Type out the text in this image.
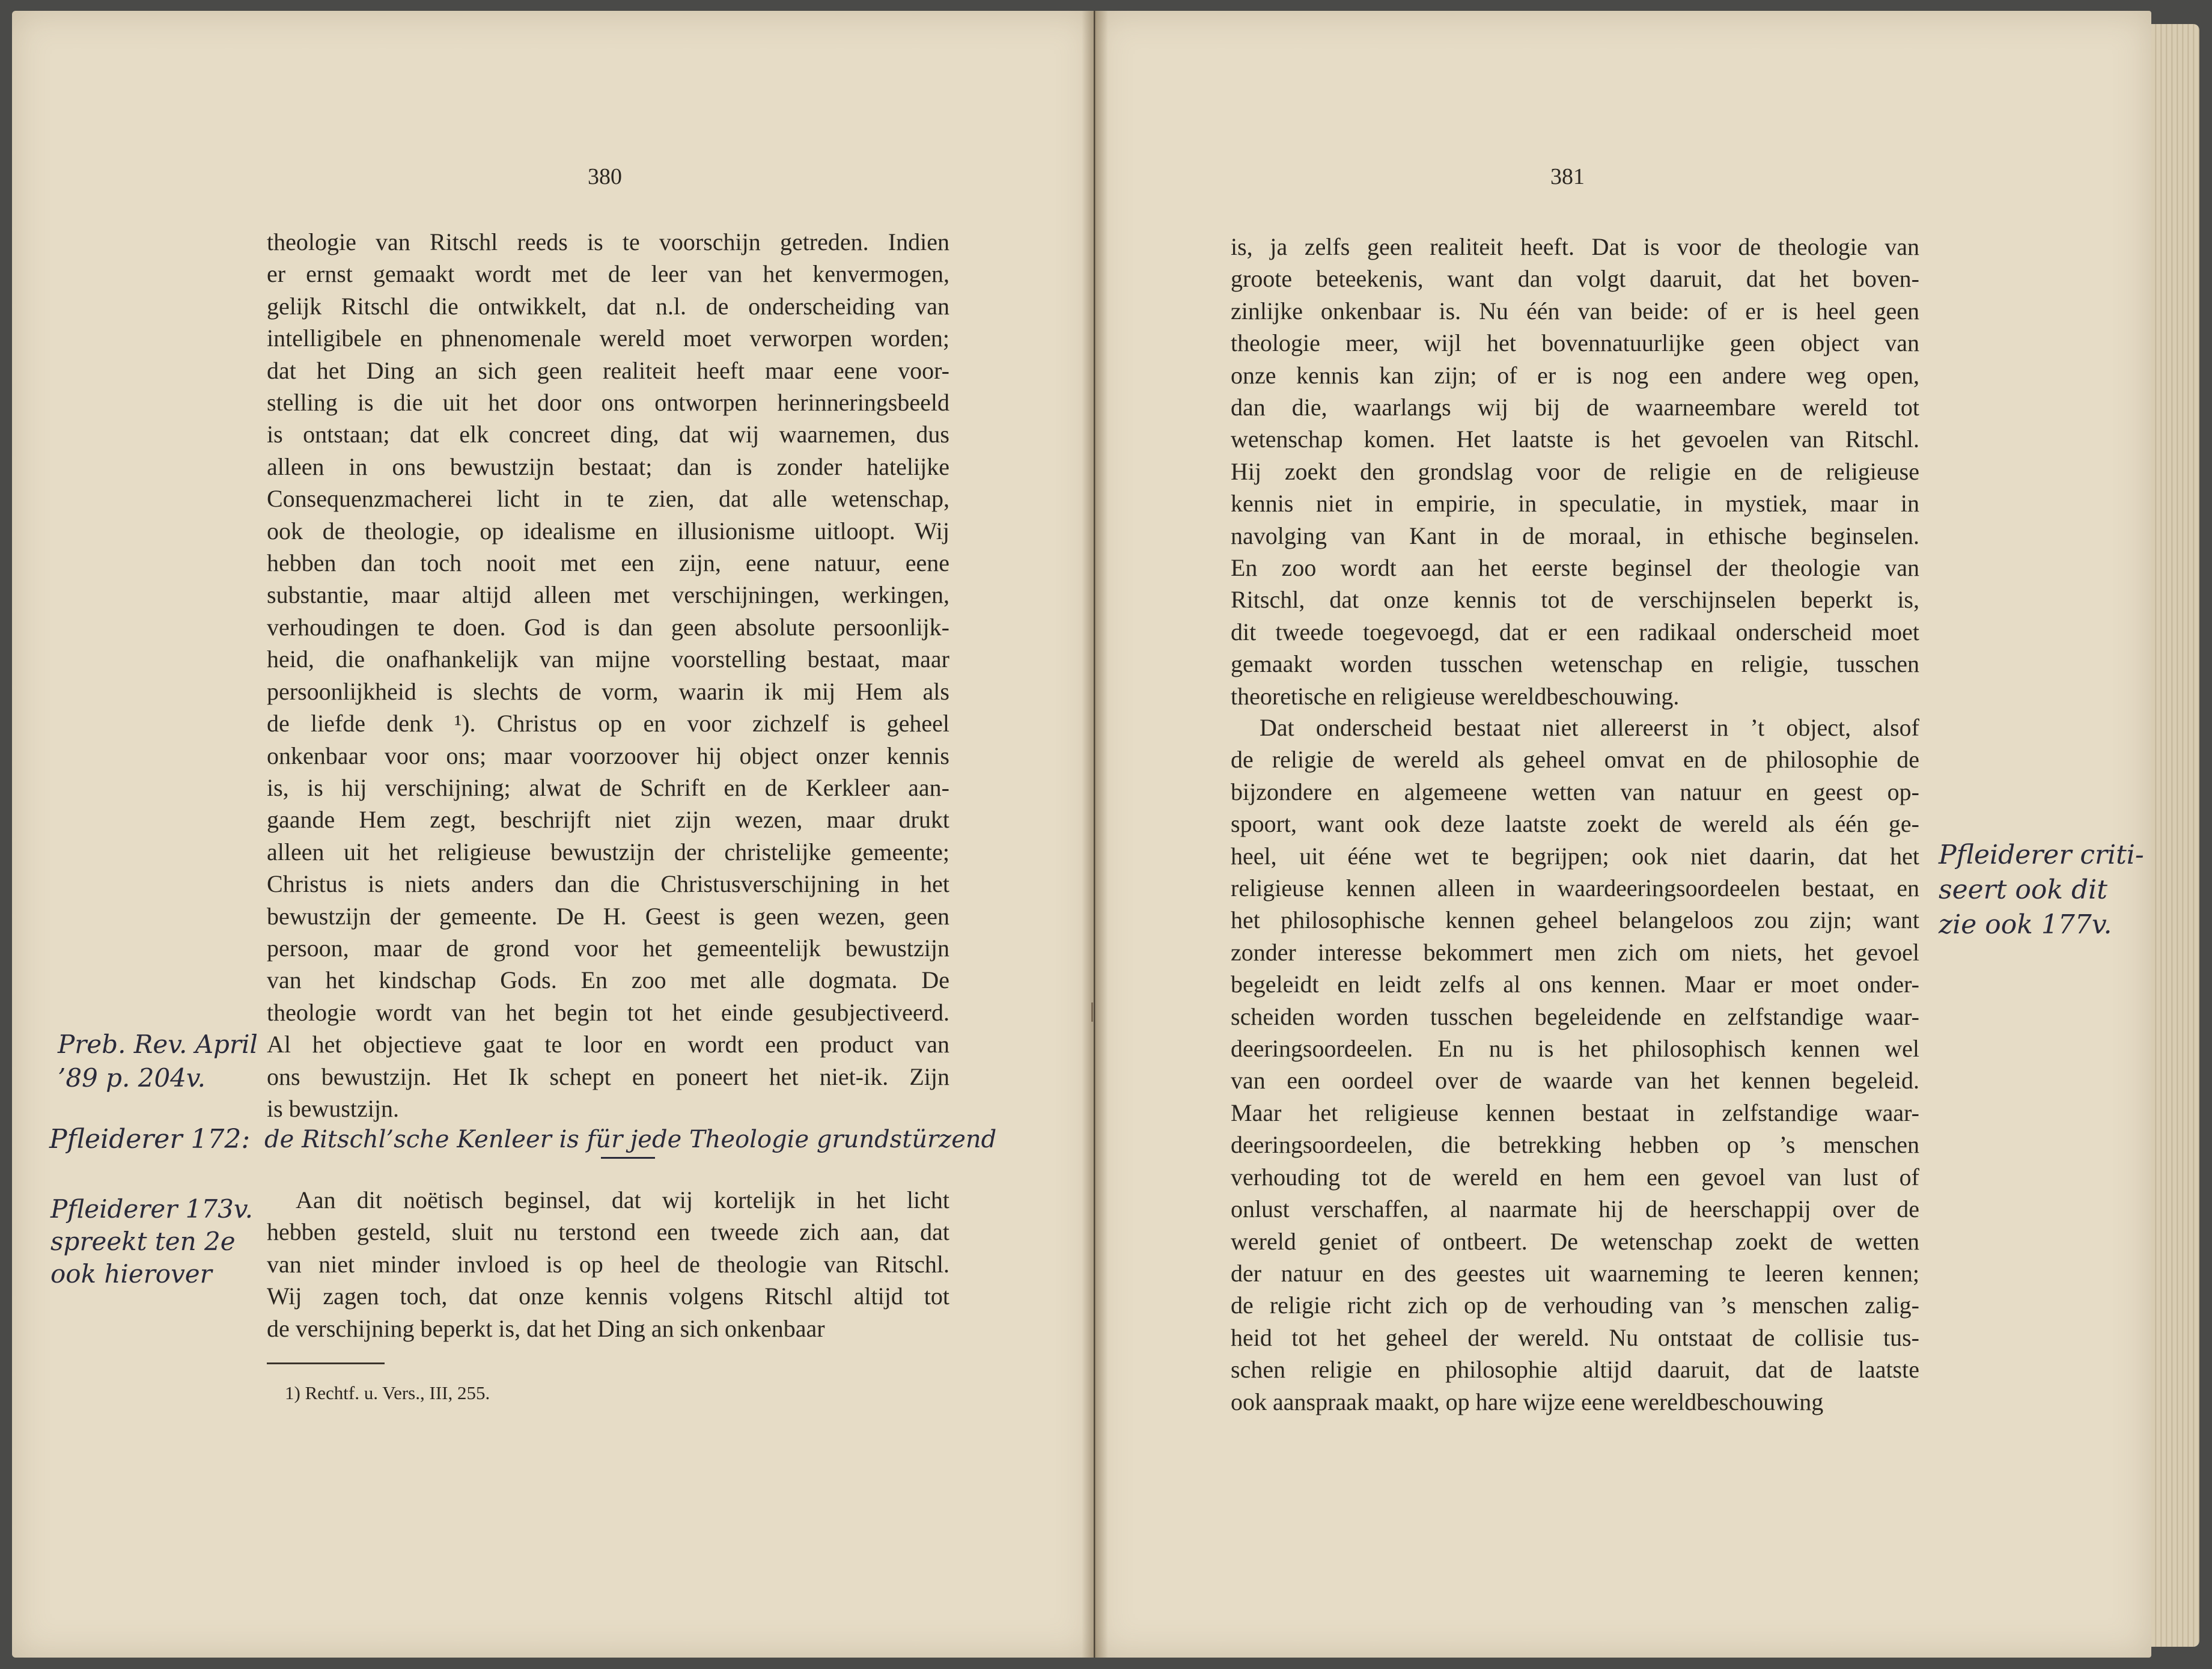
380
theologie van Ritschl reeds is te voorschijn getreden. Indien
er ernst gemaakt wordt met de leer van het kenvermogen,
gelijk Ritschl die ontwikkelt, dat n.l. de onderscheiding van
intelligibele en phnenomenale wereld moet verworpen worden;
dat het Ding an sich geen realiteit heeft maar eene voor-
stelling is die uit het door ons ontworpen herinneringsbeeld
is ontstaan; dat elk concreet ding, dat wij waarnemen, dus
alleen in ons bewustzijn bestaat; dan is zonder hatelijke
Consequenzmacherei licht in te zien, dat alle wetenschap,
ook de theologie, op idealisme en illusionisme uitloopt. Wij
hebben dan toch nooit met een zijn, eene natuur, eene
substantie, maar altijd alleen met verschijningen, werkingen,
verhoudingen te doen. God is dan geen absolute persoonlijk-
heid, die onafhankelijk van mijne voorstelling bestaat, maar
persoonlijkheid is slechts de vorm, waarin ik mij Hem als
de liefde denk ¹). Christus op en voor zichzelf is geheel
onkenbaar voor ons; maar voorzoover hij object onzer kennis
is, is hij verschijning; alwat de Schrift en de Kerkleer aan-
gaande Hem zegt, beschrijft niet zijn wezen, maar drukt
alleen uit het religieuse bewustzijn der christelijke gemeente;
Christus is niets anders dan die Christusverschijning in het
bewustzijn der gemeente. De H. Geest is geen wezen, geen
persoon, maar de grond voor het gemeentelijk bewustzijn
van het kindschap Gods. En zoo met alle dogmata. De
theologie wordt van het begin tot het einde gesubjectiveerd.
Al het objectieve gaat te loor en wordt een product van
ons bewustzijn. Het Ik schept en poneert het niet-ik. Zijn
is bewustzijn.
Aan dit noëtisch beginsel, dat wij kortelijk in het licht
hebben gesteld, sluit nu terstond een tweede zich aan, dat
van niet minder invloed is op heel de theologie van Ritschl.
Wij zagen toch, dat onze kennis volgens Ritschl altijd tot
de verschijning beperkt is, dat het Ding an sich onkenbaar
1) Rechtf. u. Vers., III, 255.
381
is, ja zelfs geen realiteit heeft. Dat is voor de theologie van
groote beteekenis, want dan volgt daaruit, dat het boven-
zinlijke onkenbaar is. Nu één van beide: of er is heel geen
theologie meer, wijl het bovennatuurlijke geen object van
onze kennis kan zijn; of er is nog een andere weg open,
dan die, waarlangs wij bij de waarneembare wereld tot
wetenschap komen. Het laatste is het gevoelen van Ritschl.
Hij zoekt den grondslag voor de religie en de religieuse
kennis niet in empirie, in speculatie, in mystiek, maar in
navolging van Kant in de moraal, in ethische beginselen.
En zoo wordt aan het eerste beginsel der theologie van
Ritschl, dat onze kennis tot de verschijnselen beperkt is,
dit tweede toegevoegd, dat er een radikaal onderscheid moet
gemaakt worden tusschen wetenschap en religie, tusschen
theoretische en religieuse wereldbeschouwing.
Dat onderscheid bestaat niet allereerst in ’t object, alsof
de religie de wereld als geheel omvat en de philosophie de
bijzondere en algemeene wetten van natuur en geest op-
spoort, want ook deze laatste zoekt de wereld als één ge-
heel, uit ééne wet te begrijpen; ook niet daarin, dat het
religieuse kennen alleen in waardeeringsoordeelen bestaat, en
het philosophische kennen geheel belangeloos zou zijn; want
zonder interesse bekommert men zich om niets, het gevoel
begeleidt en leidt zelfs al ons kennen. Maar er moet onder-
scheiden worden tusschen begeleidende en zelfstandige waar-
deeringsoordeelen. En nu is het philosophisch kennen wel
van een oordeel over de waarde van het kennen begeleid.
Maar het religieuse kennen bestaat in zelfstandige waar-
deeringsoordeelen, die betrekking hebben op ’s menschen
verhouding tot de wereld en hem een gevoel van lust of
onlust verschaffen, al naarmate hij de heerschappij over de
wereld geniet of ontbeert. De wetenschap zoekt de wetten
der natuur en des geestes uit waarneming te leeren kennen;
de religie richt zich op de verhouding van ’s menschen zalig-
heid tot het geheel der wereld. Nu ontstaat de collisie tus-
schen religie en philosophie altijd daaruit, dat de laatste
ook aanspraak maakt, op hare wijze eene wereldbeschouwing
Preb. Rev. April
’89 p. 204v.
Pfleiderer 172: de Ritschl’sche Kenleer is für jede Theologie grundstürzend
Pfleiderer 173v.
spreekt ten 2e
ook hierover
Pfleiderer criti-
seert ook dit
zie ook 177v.
